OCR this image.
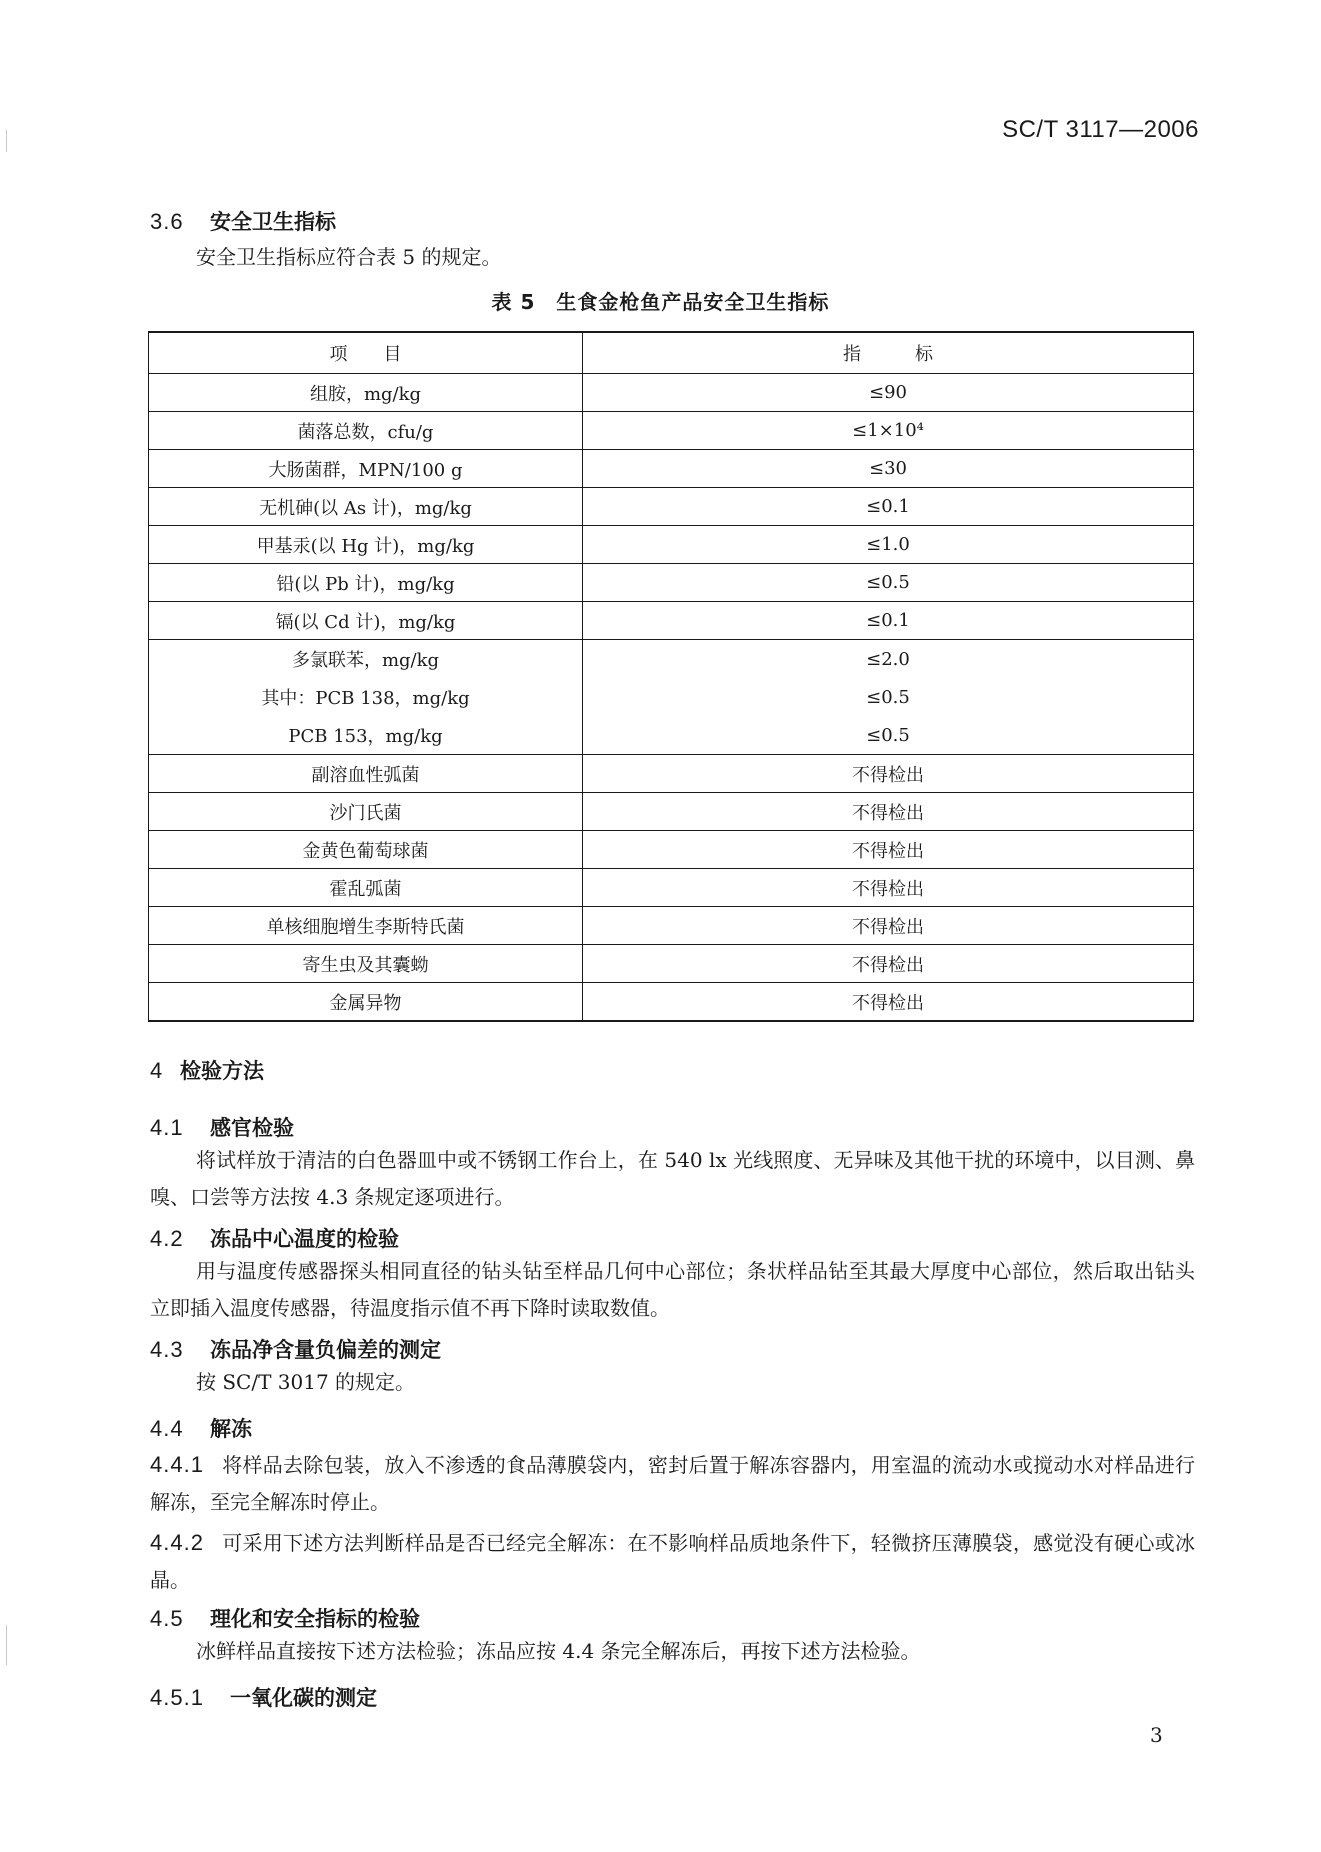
SC/T 3117—2006
3.6 安全卫生指标

安全卫生指标应符合表 5 的规定。

表 5　生食金枪鱼产品安全卫生指标
项　　目	指　　　标
组胺，mg/kg	≤90
菌落总数，cfu/g	≤1×10⁴
大肠菌群，MPN/100 g	≤30
无机砷(以 As 计)，mg/kg	≤0.1
甲基汞(以 Hg 计)，mg/kg	≤1.0
铅(以 Pb 计)，mg/kg	≤0.5
镉(以 Cd 计)，mg/kg	≤0.1
多氯联苯，mg/kg	≤2.0
其中：PCB 138，mg/kg	≤0.5
PCB 153，mg/kg	≤0.5
副溶血性弧菌	不得检出
沙门氏菌	不得检出
金黄色葡萄球菌	不得检出
霍乱弧菌	不得检出
单核细胞增生李斯特氏菌	不得检出
寄生虫及其囊蚴	不得检出
金属异物	不得检出
4 检验方法
4.1 感官检验

将试样放于清洁的白色器皿中或不锈钢工作台上，在 540 lx 光线照度、无异味及其他干扰的环境中，以目测、鼻嗅、口尝等方法按 4.3 条规定逐项进行。

4.2 冻品中心温度的检验

用与温度传感器探头相同直径的钻头钻至样品几何中心部位；条状样品钻至其最大厚度中心部位，然后取出钻头立即插入温度传感器，待温度指示值不再下降时读取数值。

4.3 冻品净含量负偏差的测定

按 SC/T 3017 的规定。

4.4 解冻

4.4.1 将样品去除包装，放入不渗透的食品薄膜袋内，密封后置于解冻容器内，用室温的流动水或搅动水对样品进行解冻，至完全解冻时停止。

4.4.2 可采用下述方法判断样品是否已经完全解冻：在不影响样品质地条件下，轻微挤压薄膜袋，感觉没有硬心或冰晶。

4.5 理化和安全指标的检验

冰鲜样品直接按下述方法检验；冻品应按 4.4 条完全解冻后，再按下述方法检验。

4.5.1 一氧化碳的测定
3
